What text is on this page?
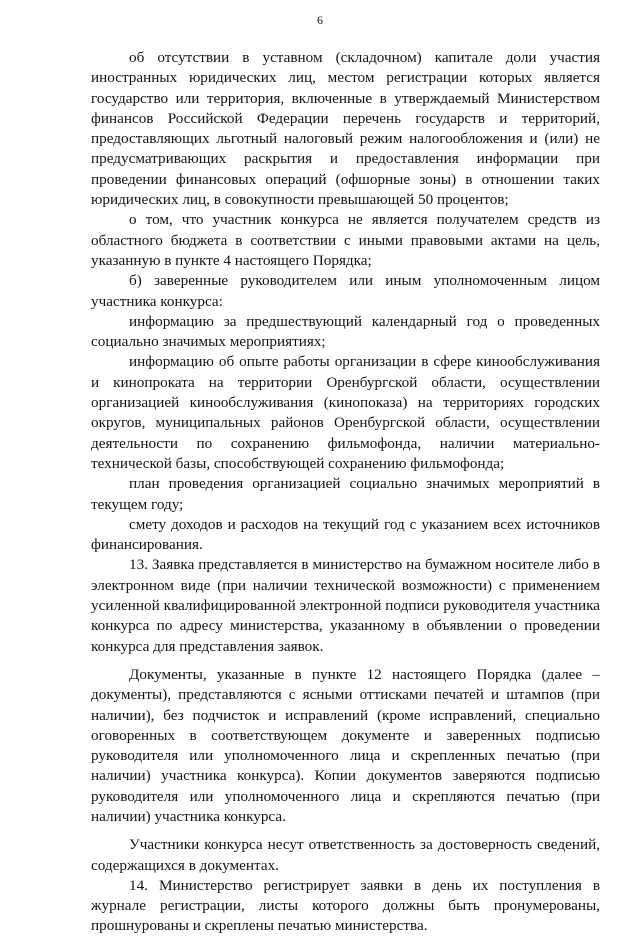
6

об отсутствии в уставном (складочном) капитале доли участия иностранных юридических лиц, местом регистрации которых является государство или территория, включенные в утверждаемый Министерством финансов Российской Федерации перечень государств и территорий, предоставляющих льготный налоговый режим налогообложения и (или) не предусматривающих раскрытия и предоставления информации при проведении финансовых операций (офшорные зоны) в отношении таких юридических лиц, в совокупности превышающей 50 процентов;

о том, что участник конкурса не является получателем средств из областного бюджета в соответствии с иными правовыми актами на цель, указанную в пункте 4 настоящего Порядка;

б) заверенные руководителем или иным уполномоченным лицом участника конкурса:

информацию за предшествующий календарный год о проведенных социально значимых мероприятиях;

информацию об опыте работы организации в сфере кинообслуживания и кинопроката на территории Оренбургской области, осуществлении организацией кинообслуживания (кинопоказа) на территориях городских округов, муниципальных районов Оренбургской области, осуществлении деятельности по сохранению фильмофонда, наличии материально-технической базы, способствующей сохранению фильмофонда;

план проведения организацией социально значимых мероприятий в текущем году;

смету доходов и расходов на текущий год с указанием всех источников финансирования.

13. Заявка представляется в министерство на бумажном носителе либо в электронном виде (при наличии технической возможности) с применением усиленной квалифицированной электронной подписи руководителя участника конкурса по адресу министерства, указанному в объявлении о проведении конкурса для представления заявок.

Документы, указанные в пункте 12 настоящего Порядка (далее – документы), представляются с ясными оттисками печатей и штампов (при наличии), без подчисток и исправлений (кроме исправлений, специально оговоренных в соответствующем документе и заверенных подписью руководителя или уполномоченного лица и скрепленных печатью (при наличии) участника конкурса). Копии документов заверяются подписью руководителя или уполномоченного лица и скрепляются печатью (при наличии) участника конкурса.

Участники конкурса несут ответственность за достоверность сведений, содержащихся в документах.

14. Министерство регистрирует заявки в день их поступления в журнале регистрации, листы которого должны быть пронумерованы, прошнурованы и скреплены печатью министерства.
